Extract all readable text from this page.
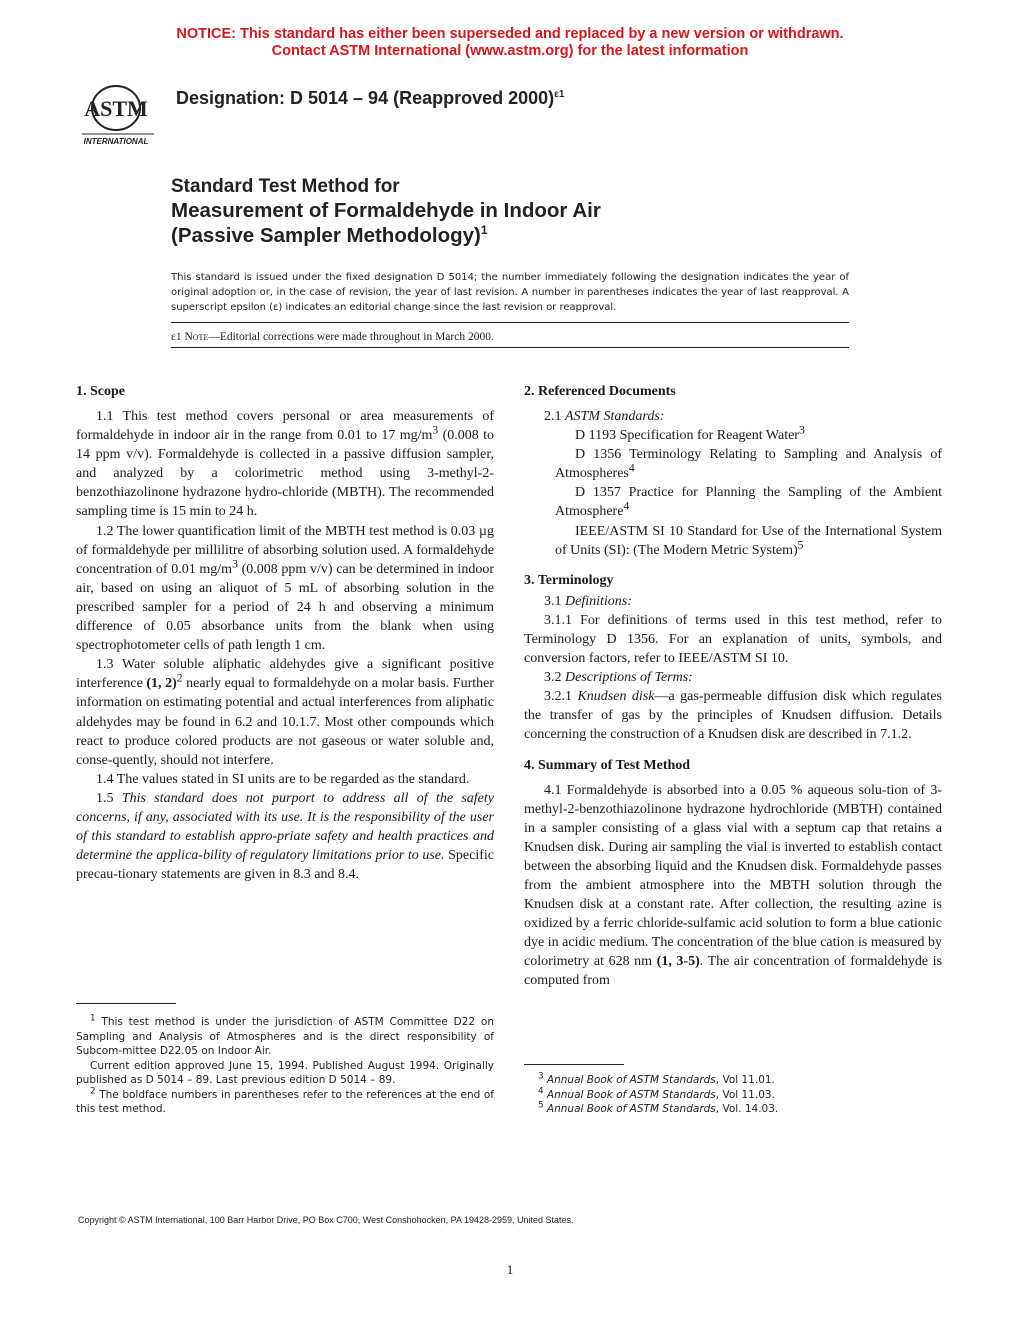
NOTICE: This standard has either been superseded and replaced by a new version or withdrawn.
Contact ASTM International (www.astm.org) for the latest information
ASTM
INTERNATIONAL
Designation: D 5014 – 94 (Reapproved 2000)$^{\varepsilon 1}$
Standard Test Method for
Measurement of Formaldehyde in Indoor Air
(Passive Sampler Methodology)$^1$
This standard is issued under the fixed designation D 5014; the number immediately following the designation indicates the year of original adoption or, in the case of revision, the year of last revision. A number in parentheses indicates the year of last reapproval. A superscript epsilon (ε) indicates an editorial change since the last revision or reapproval.
ε1 Note—Editorial corrections were made throughout in March 2000.
1. Scope

1.1 This test method covers personal or area measurements of formaldehyde in indoor air in the range from 0.01 to 17 $mg/m^3$ (0.008 to 14 ppm v/v). Formaldehyde is collected in a passive diffusion sampler, and analyzed by a colorimetric method using 3-methyl-2-benzothiazolinone hydrazone hydro-chloride (MBTH). The recommended sampling time is 15 min to 24 h.

1.2 The lower quantification limit of the MBTH test method is 0.03 µg of formaldehyde per millilitre of absorbing solution used. A formaldehyde concentration of 0.01 $mg/m^3$ (0.008 ppm v/v) can be determined in indoor air, based on using an aliquot of 5 mL of absorbing solution in the prescribed sampler for a period of 24 h and observing a minimum difference of 0.05 absorbance units from the blank when using spectrophotometer cells of path length 1 cm.

1.3 Water soluble aliphatic aldehydes give a significant positive interference (1, 2)$^2$ nearly equal to formaldehyde on a molar basis. Further information on estimating potential and actual interferences from aliphatic aldehydes may be found in 6.2 and 10.1.7. Most other compounds which react to produce colored products are not gaseous or water soluble and, conse-quently, should not interfere.

1.4 The values stated in SI units are to be regarded as the standard.

1.5 This standard does not purport to address all of the safety concerns, if any, associated with its use. It is the responsibility of the user of this standard to establish appro-priate safety and health practices and determine the applica-bility of regulatory limitations prior to use. Specific precau-tionary statements are given in 8.3 and 8.4.

$^1$ This test method is under the jurisdiction of ASTM Committee D22 on Sampling and Analysis of Atmospheres and is the direct responsibility of Subcom-mittee D22.05 on Indoor Air.

Current edition approved June 15, 1994. Published August 1994. Originally published as D 5014 – 89. Last previous edition D 5014 – 89.

$^2$ The boldface numbers in parentheses refer to the references at the end of this test method.

2. Referenced Documents

2.1 ASTM Standards:

D 1193 Specification for Reagent Water$^3$

D 1356 Terminology Relating to Sampling and Analysis of Atmospheres$^4$

D 1357 Practice for Planning the Sampling of the Ambient Atmosphere$^4$

IEEE/ASTM SI 10 Standard for Use of the International System of Units (SI): (The Modern Metric System)$^5$

3. Terminology

3.1 Definitions:

3.1.1 For definitions of terms used in this test method, refer to Terminology D 1356. For an explanation of units, symbols, and conversion factors, refer to IEEE/ASTM SI 10.

3.2 Descriptions of Terms:

3.2.1 Knudsen disk—a gas-permeable diffusion disk which regulates the transfer of gas by the principles of Knudsen diffusion. Details concerning the construction of a Knudsen disk are described in 7.1.2.

4. Summary of Test Method

4.1 Formaldehyde is absorbed into a 0.05 % aqueous solu-tion of 3-methyl-2-benzothiazolinone hydrazone hydrochloride (MBTH) contained in a sampler consisting of a glass vial with a septum cap that retains a Knudsen disk. During air sampling the vial is inverted to establish contact between the absorbing liquid and the Knudsen disk. Formaldehyde passes from the ambient atmosphere into the MBTH solution through the Knudsen disk at a constant rate. After collection, the resulting azine is oxidized by a ferric chloride-sulfamic acid solution to form a blue cationic dye in acidic medium. The concentration of the blue cation is measured by colorimetry at 628 nm (1, 3-5). The air concentration of formaldehyde is computed from

$^3$ Annual Book of ASTM Standards, Vol 11.01.

$^4$ Annual Book of ASTM Standards, Vol 11.03.

$^5$ Annual Book of ASTM Standards, Vol. 14.03.

Copyright © ASTM International, 100 Barr Harbor Drive, PO Box C700, West Conshohocken, PA 19428-2959, United States.
1
